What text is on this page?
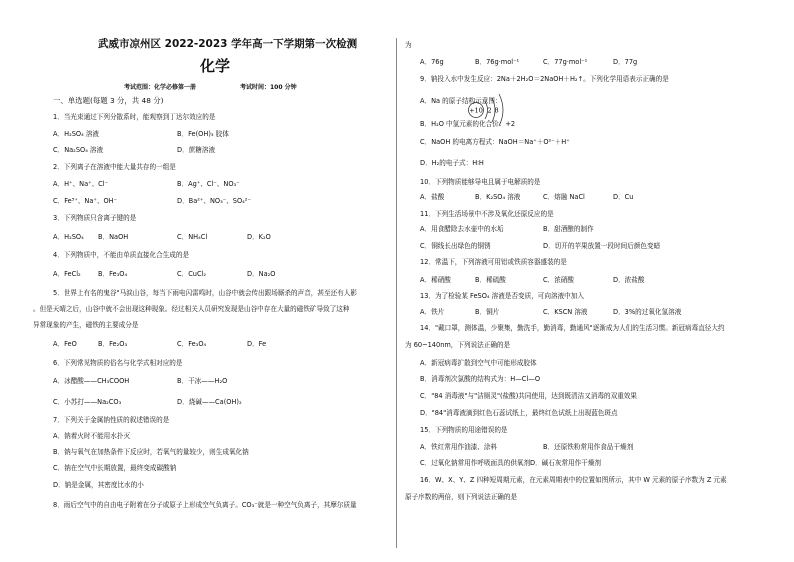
武威市凉州区 2022-2023 学年高一下学期第一次检测
化学
考试范围：化学必修第一册	考试时间：100 分钟
一、单选题(每题 3 分，共 48 分)
1．当光束通过下列分散系时，能观察到丁达尔效应的是
A．H₂SO₄ 溶液	B．Fe(OH)₃ 胶体
C．Na₂SO₄ 溶液	D．蔗糖溶液
2．下列离子在溶液中能大量共存的一组是
A．H⁺、Na⁺、Cl⁻	B．Ag⁺、Cl⁻、NO₃⁻
C．Fe³⁺、Na⁺、OH⁻	D．Ba²⁺、NO₃⁻、SO₄²⁻
3．下列物质只含离子键的是
A．H₂SO₄ B．NaOH	C．NH₄Cl	D．K₂O
4．下列物质中，不能由单质直接化合生成的是
A．FeCl₂	B．Fe₃O₄	C．CuCl₂	D．Na₂O
5．世界上有名的鬼谷"马涙山谷，每当下雨电闪雷鸣时，山谷中就会传出跟场厮杀的声音，甚至还有人影
。但是天晴之后，山谷中就不会出现这种现象。经过相关人员研究发现是山谷中存在大量的磁铁矿导致了这种
异常现象的产生，磁铁的主要成分是
A．FeO	B．Fe₂O₃	C．Fe₃O₄	D．Fe
6．下列常见物质的俗名与化学式相对应的是
A．冰醋酸——CH₃COOH	B．干冰——H₂O
C．小苏打——Na₂CO₃	D．烧碱——Ca(OH)₂
7．下列关于金属钠性质的叙述错误的是
A．钠着火时不能用水扑灭
B．钠与氧气在加热条件下反应时，若氧气的量较少，则生成氧化钠
C．钠在空气中长期放置，最终变成碳酸钠
D．钠是金属，其密度比水的小
8．雨后空气中的自由电子附着在分子或原子上形成空气负离子。CO₃⁻就是一种空气负离子，其摩尔质量
为
A．76g	B．76g·mol⁻¹	C．77g·mol⁻¹	D．77g
9．钠投入水中发生反应：2Na＋2H₂O＝2NaOH＋H₂↑。下列化学用语表示正确的是
A．Na 的原子结构示意图：
+10 2 8
B．H₂O 中氢元素的化合价：+2
C．NaOH 的电离方程式：NaOH＝Na⁺＋O²⁻＋H⁺
D．H₂的电子式：H∶H
10．下列物质能够导电且属于电解质的是
A．盐酸	B．K₂SO₄ 溶液	C．熔融 NaCl	D．Cu
11．下列生活场景中不涉及氧化还原反应的是
A．用食醋除去水壶中的水垢	B．甜酒酿的制作
C．铜线长出绿色的铜锈	D．切开的苹果放置一段时间后颜色变暗
12．常温下，下列溶液可用铝或铁质容器盛装的是
A．稀硝酸	B．稀硫酸	C．浓硝酸	D．浓盐酸
13．为了检验某 FeSO₄ 溶液是否变质，可向溶液中加入
A．铁片	B．铜片	C．KSCN 溶液	D．3%的过氧化氢溶液
14．"戴口罩，测体温，少聚集，勤洗手，勤消毒，勤通风"逐渐成为人们的生活习惯。新冠病毒直径大约
为 60~140nm，下列说法正确的是
A．新冠病毒扩散到空气中可能形成胶体
B．消毒剂次氯酸的结构式为：H—Cl—O
C．"84 消毒液"与"洁厕灵"(盐酸)共同使用，达到既清洁又消毒的双重效果
D．"84"消毒液滴到红色石蕊试纸上，最终红色试纸上出现蓝色斑点
15．下列物质的用途错误的是
A．铁红常用作油漆、涂料	B．还原铁粉常用作食品干燥剂
C．过氧化钠常用作呼吸面具的供氧剂 D．碱石灰常用作干燥剂
16．W、X、Y、Z 四种短周期元素，在元素周期表中的位置如图所示，其中 W 元素的原子序数为 Z 元素
原子序数的两倍，则下列说法正确的是
